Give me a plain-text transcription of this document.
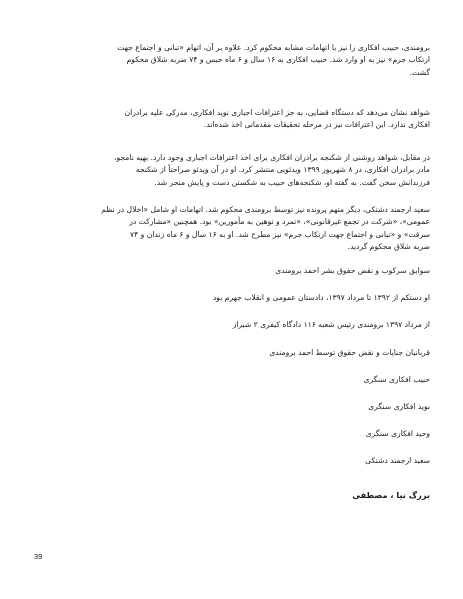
برومندی، حبیب افکاری را نیز با اتهامات مشابه محکوم کرد. علاوه بر آن، اتهام «تبانی و اجتماع جهت
ارتکاب جرم» نیز به او وارد شد. حبیب افکاری به ۱۶ سال و ۶ ماه حبس و ۷۴ ضربه شلاق محکوم
گشت.
شواهد نشان می‌دهد که دستگاه قضایی، به جز اعترافات اجباری نوید افکاری، مدرکی علیه برادران
افکاری ندارد. این اعترافات نیز در مرحله تحقیقات مقدماتی اخذ شده‌اند.
در مقابل، شواهد روشنی از شکنجه برادران افکاری برای اخذ اعترافات اجباری وجود دارد. بهیه نامجو،
مادر برادران افکاری، در ۸ شهریور ۱۳۹۹ ویدئویی منتشر کرد. او در آن ویدئو صراحتاً از شکنجه
فرزندانش سخن گفت. به گفته او، شکنجه‌های حبیب به شکستن دست و پایش منجر شد.
سعید ارجمند دشتکی، دیگر متهم پرونده نیز توسط برومندی محکوم شد. اتهامات او شامل «اخلال در نظم
عمومی»، «شرکت در تجمع غیرقانونی»، «تمرد و توهین به مأمورین» بود. همچنین «مشارکت در
سرقت» و «تبانی و اجتماع جهت ارتکاب جرم» نیز مطرح شد. او به ۱۶ سال و ۶ ماه زندان و ۷۴
ضربه شلاق محکوم گردید.
سوابق سرکوب و نقض حقوق بشر احمد برومندی
او دستکم از ۱۳۹۲ تا مرداد ۱۳۹۷، دادستان عمومی و انقلاب جهرم بود
از مرداد ۱۳۹۷ برومندی رئیس شعبه ۱۱۶ دادگاه کیفری ۲ شیراز
قربانیان جنایات و نقض حقوق توسط احمد برومندی
حبیب افکاری سنگری
نوید افکاری سنگری
وحید افکاری سنگری
سعید ارجمند دشتکی
بزرگ نیا ، مصطفی
39
